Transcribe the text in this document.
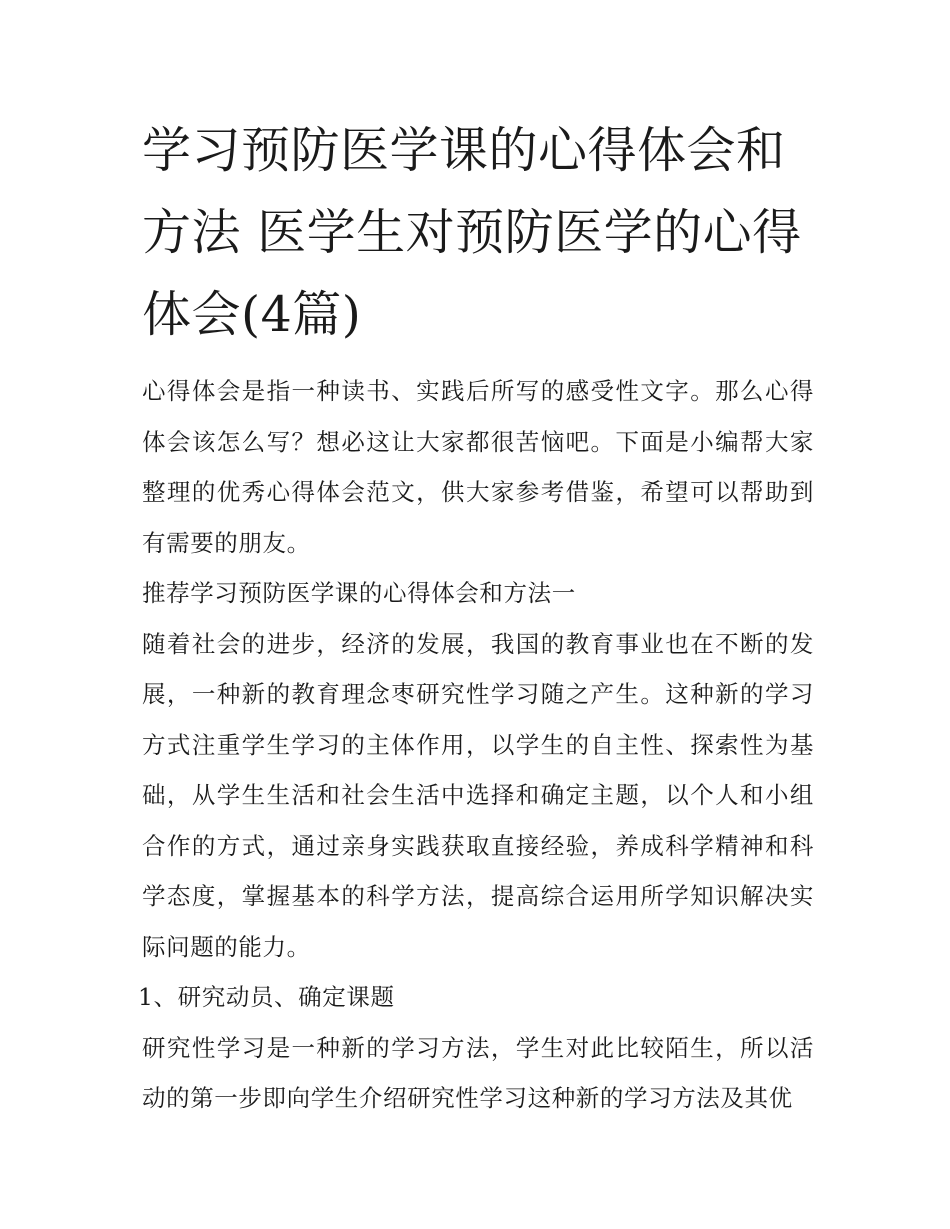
学习预防医学课的心得体会和方法 医学生对预防医学的心得体会(4篇)

心得体会是指一种读书、实践后所写的感受性文字。那么心得体会该怎么写？想必这让大家都很苦恼吧。下面是小编帮大家整理的优秀心得体会范文，供大家参考借鉴，希望可以帮助到有需要的朋友。

推荐学习预防医学课的心得体会和方法一

随着社会的进步，经济的发展，我国的教育事业也在不断的发展，一种新的教育理念枣研究性学习随之产生。这种新的学习方式注重学生学习的主体作用，以学生的自主性、探索性为基础，从学生生活和社会生活中选择和确定主题，以个人和小组合作的方式，通过亲身实践获取直接经验，养成科学精神和科学态度，掌握基本的科学方法，提高综合运用所学知识解决实际问题的能力。

1、研究动员、确定课题

研究性学习是一种新的学习方法，学生对此比较陌生，所以活动的第一步即向学生介绍研究性学习这种新的学习方法及其优
